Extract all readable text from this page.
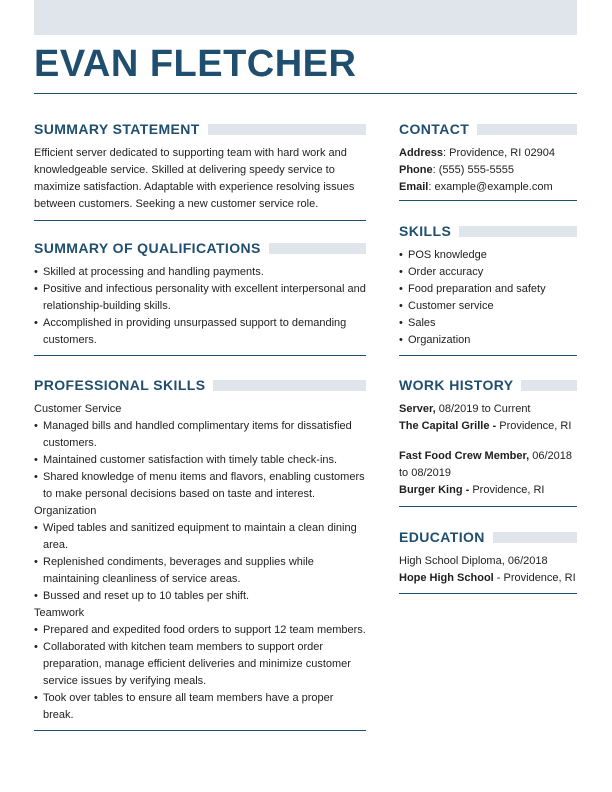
EVAN FLETCHER
SUMMARY STATEMENT

Efficient server dedicated to supporting team with hard work and knowledgeable service. Skilled at delivering speedy service to maximize satisfaction. Adaptable with experience resolving issues between customers. Seeking a new customer service role.

SUMMARY OF QUALIFICATIONS
• Skilled at processing and handling payments.
• Positive and infectious personality with excellent interpersonal and relationship-building skills.
• Accomplished in providing unsurpassed support to demanding customers.
PROFESSIONAL SKILLS
Customer Service
• Managed bills and handled complimentary items for dissatisfied customers.
• Maintained customer satisfaction with timely table check-ins.
• Shared knowledge of menu items and flavors, enabling customers to make personal decisions based on taste and interest.
Organization
• Wiped tables and sanitized equipment to maintain a clean dining area.
• Replenished condiments, beverages and supplies while maintaining cleanliness of service areas.
• Bussed and reset up to 10 tables per shift.
Teamwork
• Prepared and expedited food orders to support 12 team members.
• Collaborated with kitchen team members to support order preparation, manage efficient deliveries and minimize customer service issues by verifying meals.
• Took over tables to ensure all team members have a proper break.
CONTACT
Address: Providence, RI 02904
Phone: (555) 555-5555
Email: example@example.com
SKILLS
• POS knowledge
• Order accuracy
• Food preparation and safety
• Customer service
• Sales
• Organization
WORK HISTORY
Server, 08/2019 to Current
The Capital Grille - Providence, RI
Fast Food Crew Member, 06/2018 to 08/2019
Burger King - Providence, RI
EDUCATION
High School Diploma, 06/2018
Hope High School - Providence, RI
